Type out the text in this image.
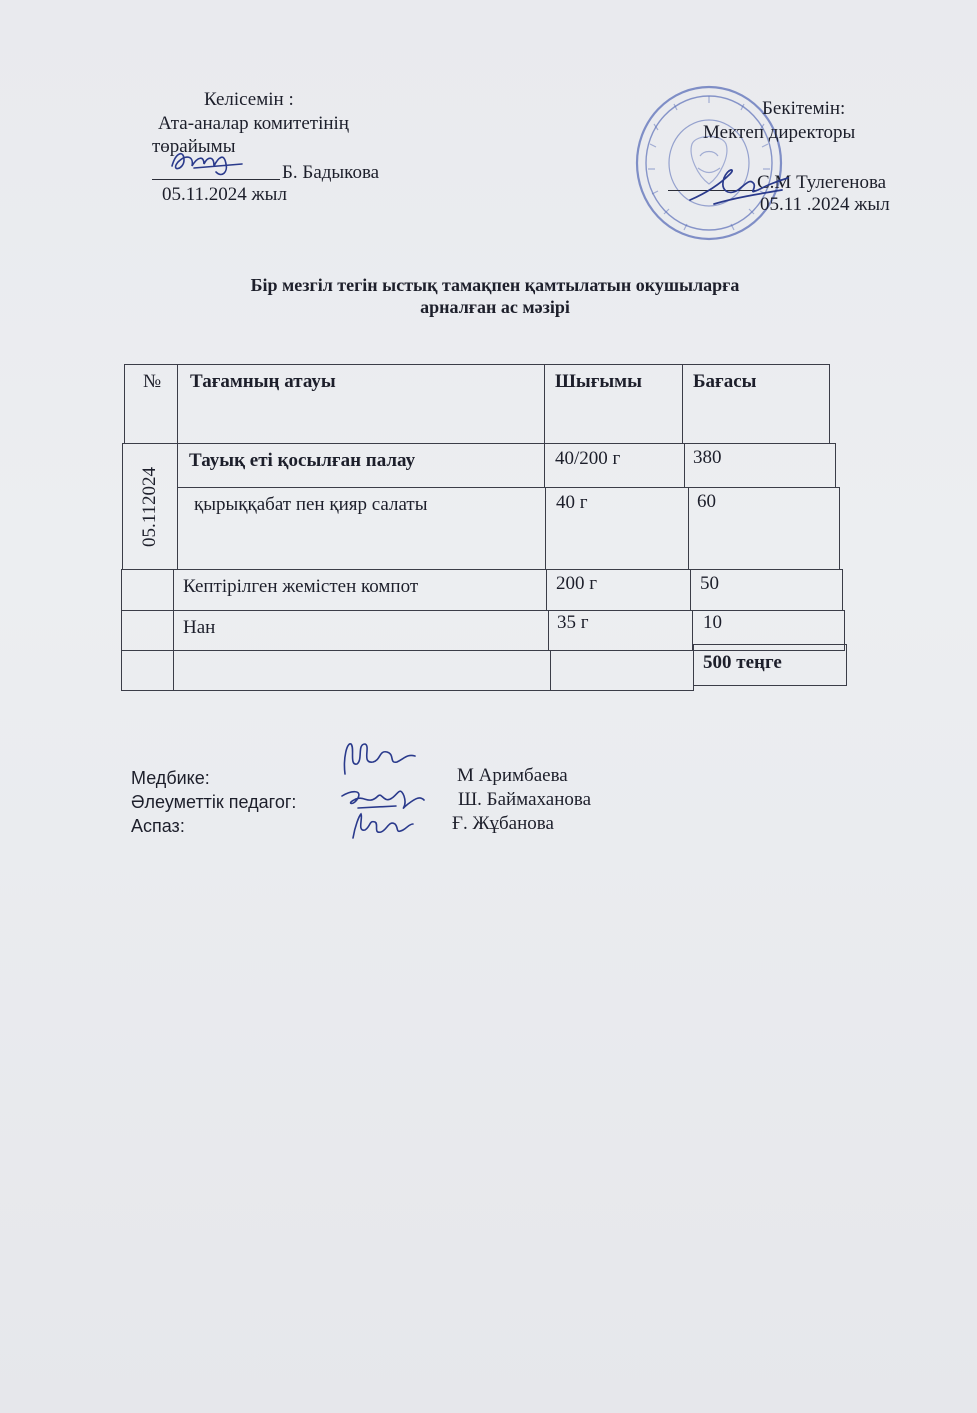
Келісемін :
Ата-аналар комитетінің
төрайымы
Б. Бадыкова
05.11.2024 жыл
Бекітемін:
Мектеп директоры
С.М Тулегенова
05.11 .2024 жыл
Бір мезгіл тегін ыстық тамақпен қамтылатын окушыларға
арналған ас мәзірі
№ Тағамның атауы	Шығымы	Бағасы
05.112024
Тауық еті қосылған палау	40/200 г	380
қырыққабат пен қияр салаты	40 г	60
Кептірілген жемістен компот	200 г	50
Нан	35 г	10
500 теңге
Медбике:
Әлеуметтік педагог:
Аспаз:
М Аримбаева
Ш. Баймаханова
Ғ. Жұбанова
